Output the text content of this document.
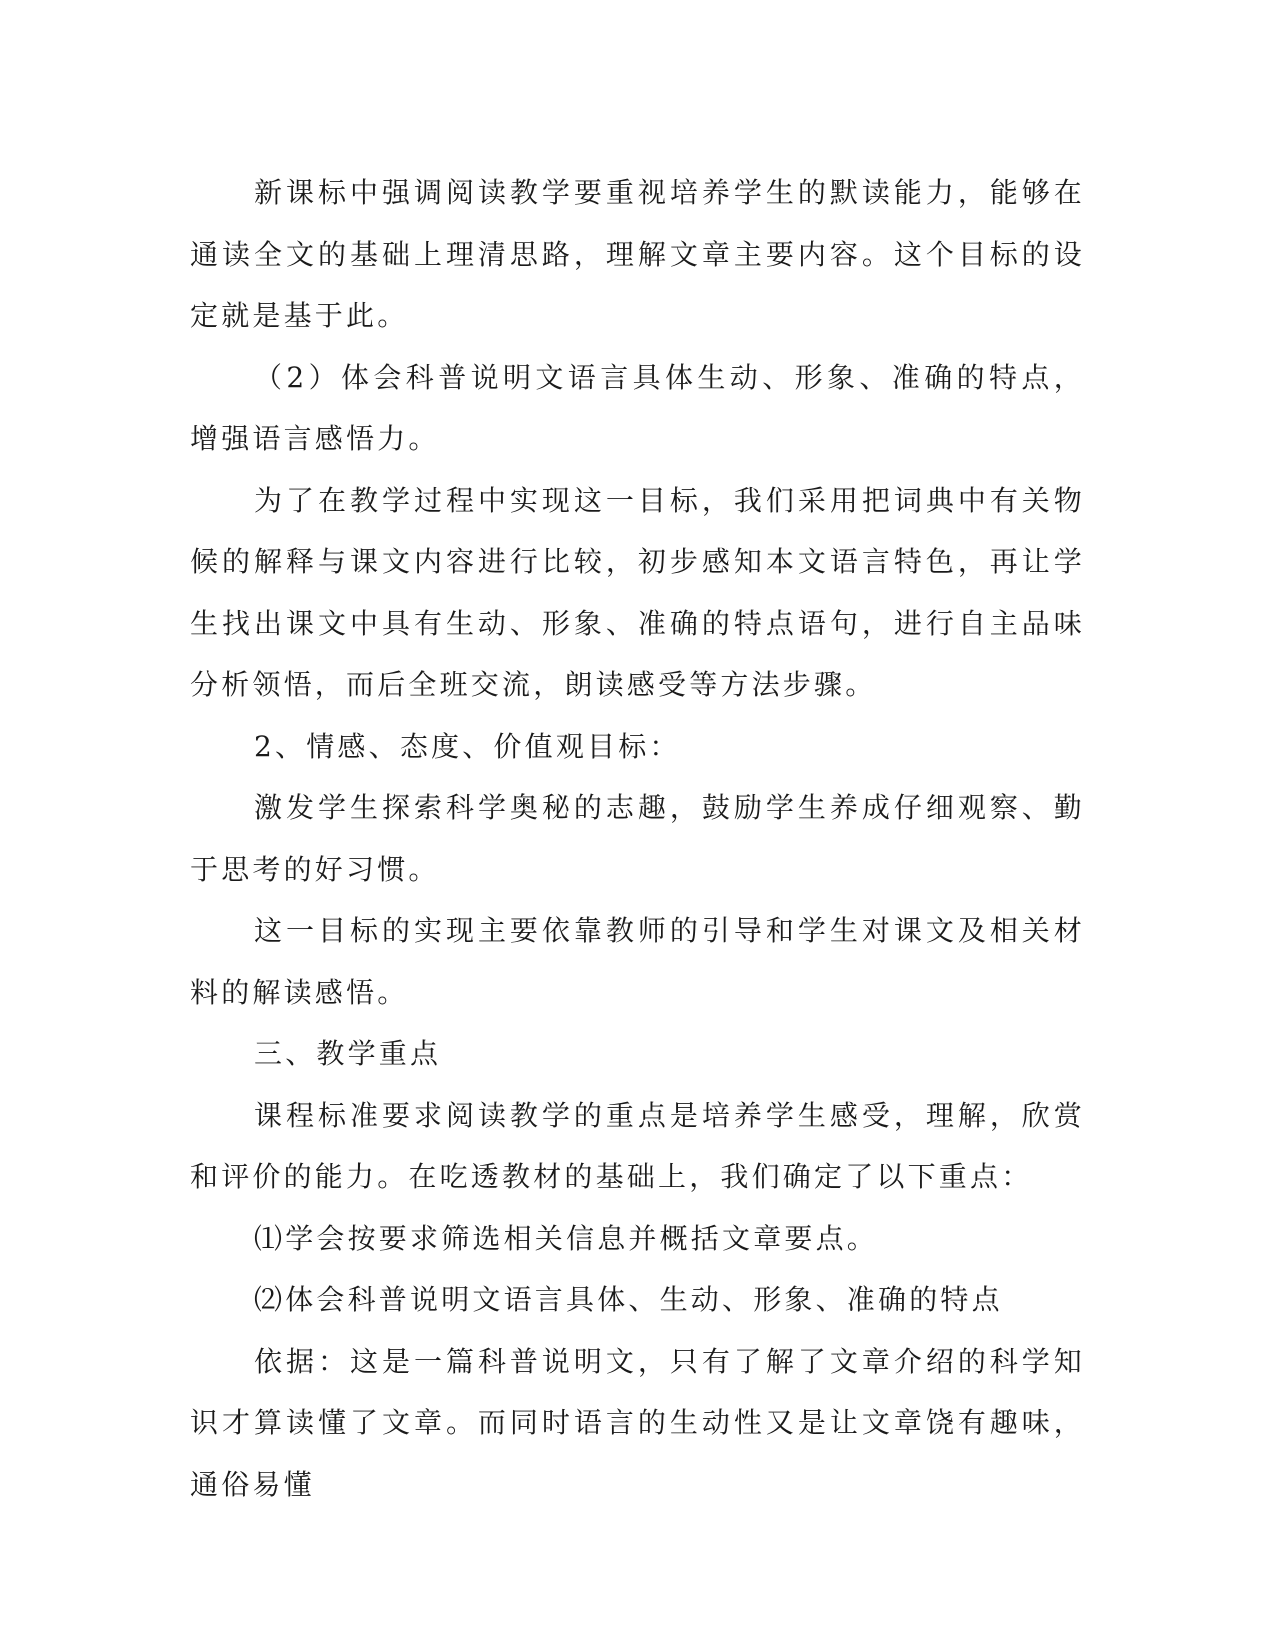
新课标中强调阅读教学要重视培养学生的默读能力，能够在通读全文的基础上理清思路，理解文章主要内容。这个目标的设定就是基于此。

（2）体会科普说明文语言具体生动、形象、准确的特点，增强语言感悟力。

为了在教学过程中实现这一目标，我们采用把词典中有关物候的解释与课文内容进行比较，初步感知本文语言特色，再让学生找出课文中具有生动、形象、准确的特点语句，进行自主品味分析领悟，而后全班交流，朗读感受等方法步骤。

2、情感、态度、价值观目标：

激发学生探索科学奥秘的志趣，鼓励学生养成仔细观察、勤于思考的好习惯。

这一目标的实现主要依靠教师的引导和学生对课文及相关材料的解读感悟。

三、教学重点

课程标准要求阅读教学的重点是培养学生感受，理解，欣赏和评价的能力。在吃透教材的基础上，我们确定了以下重点：

⑴学会按要求筛选相关信息并概括文章要点。

⑵体会科普说明文语言具体、生动、形象、准确的特点

依据：这是一篇科普说明文，只有了解了文章介绍的科学知识才算读懂了文章。而同时语言的生动性又是让文章饶有趣味，通俗易懂
